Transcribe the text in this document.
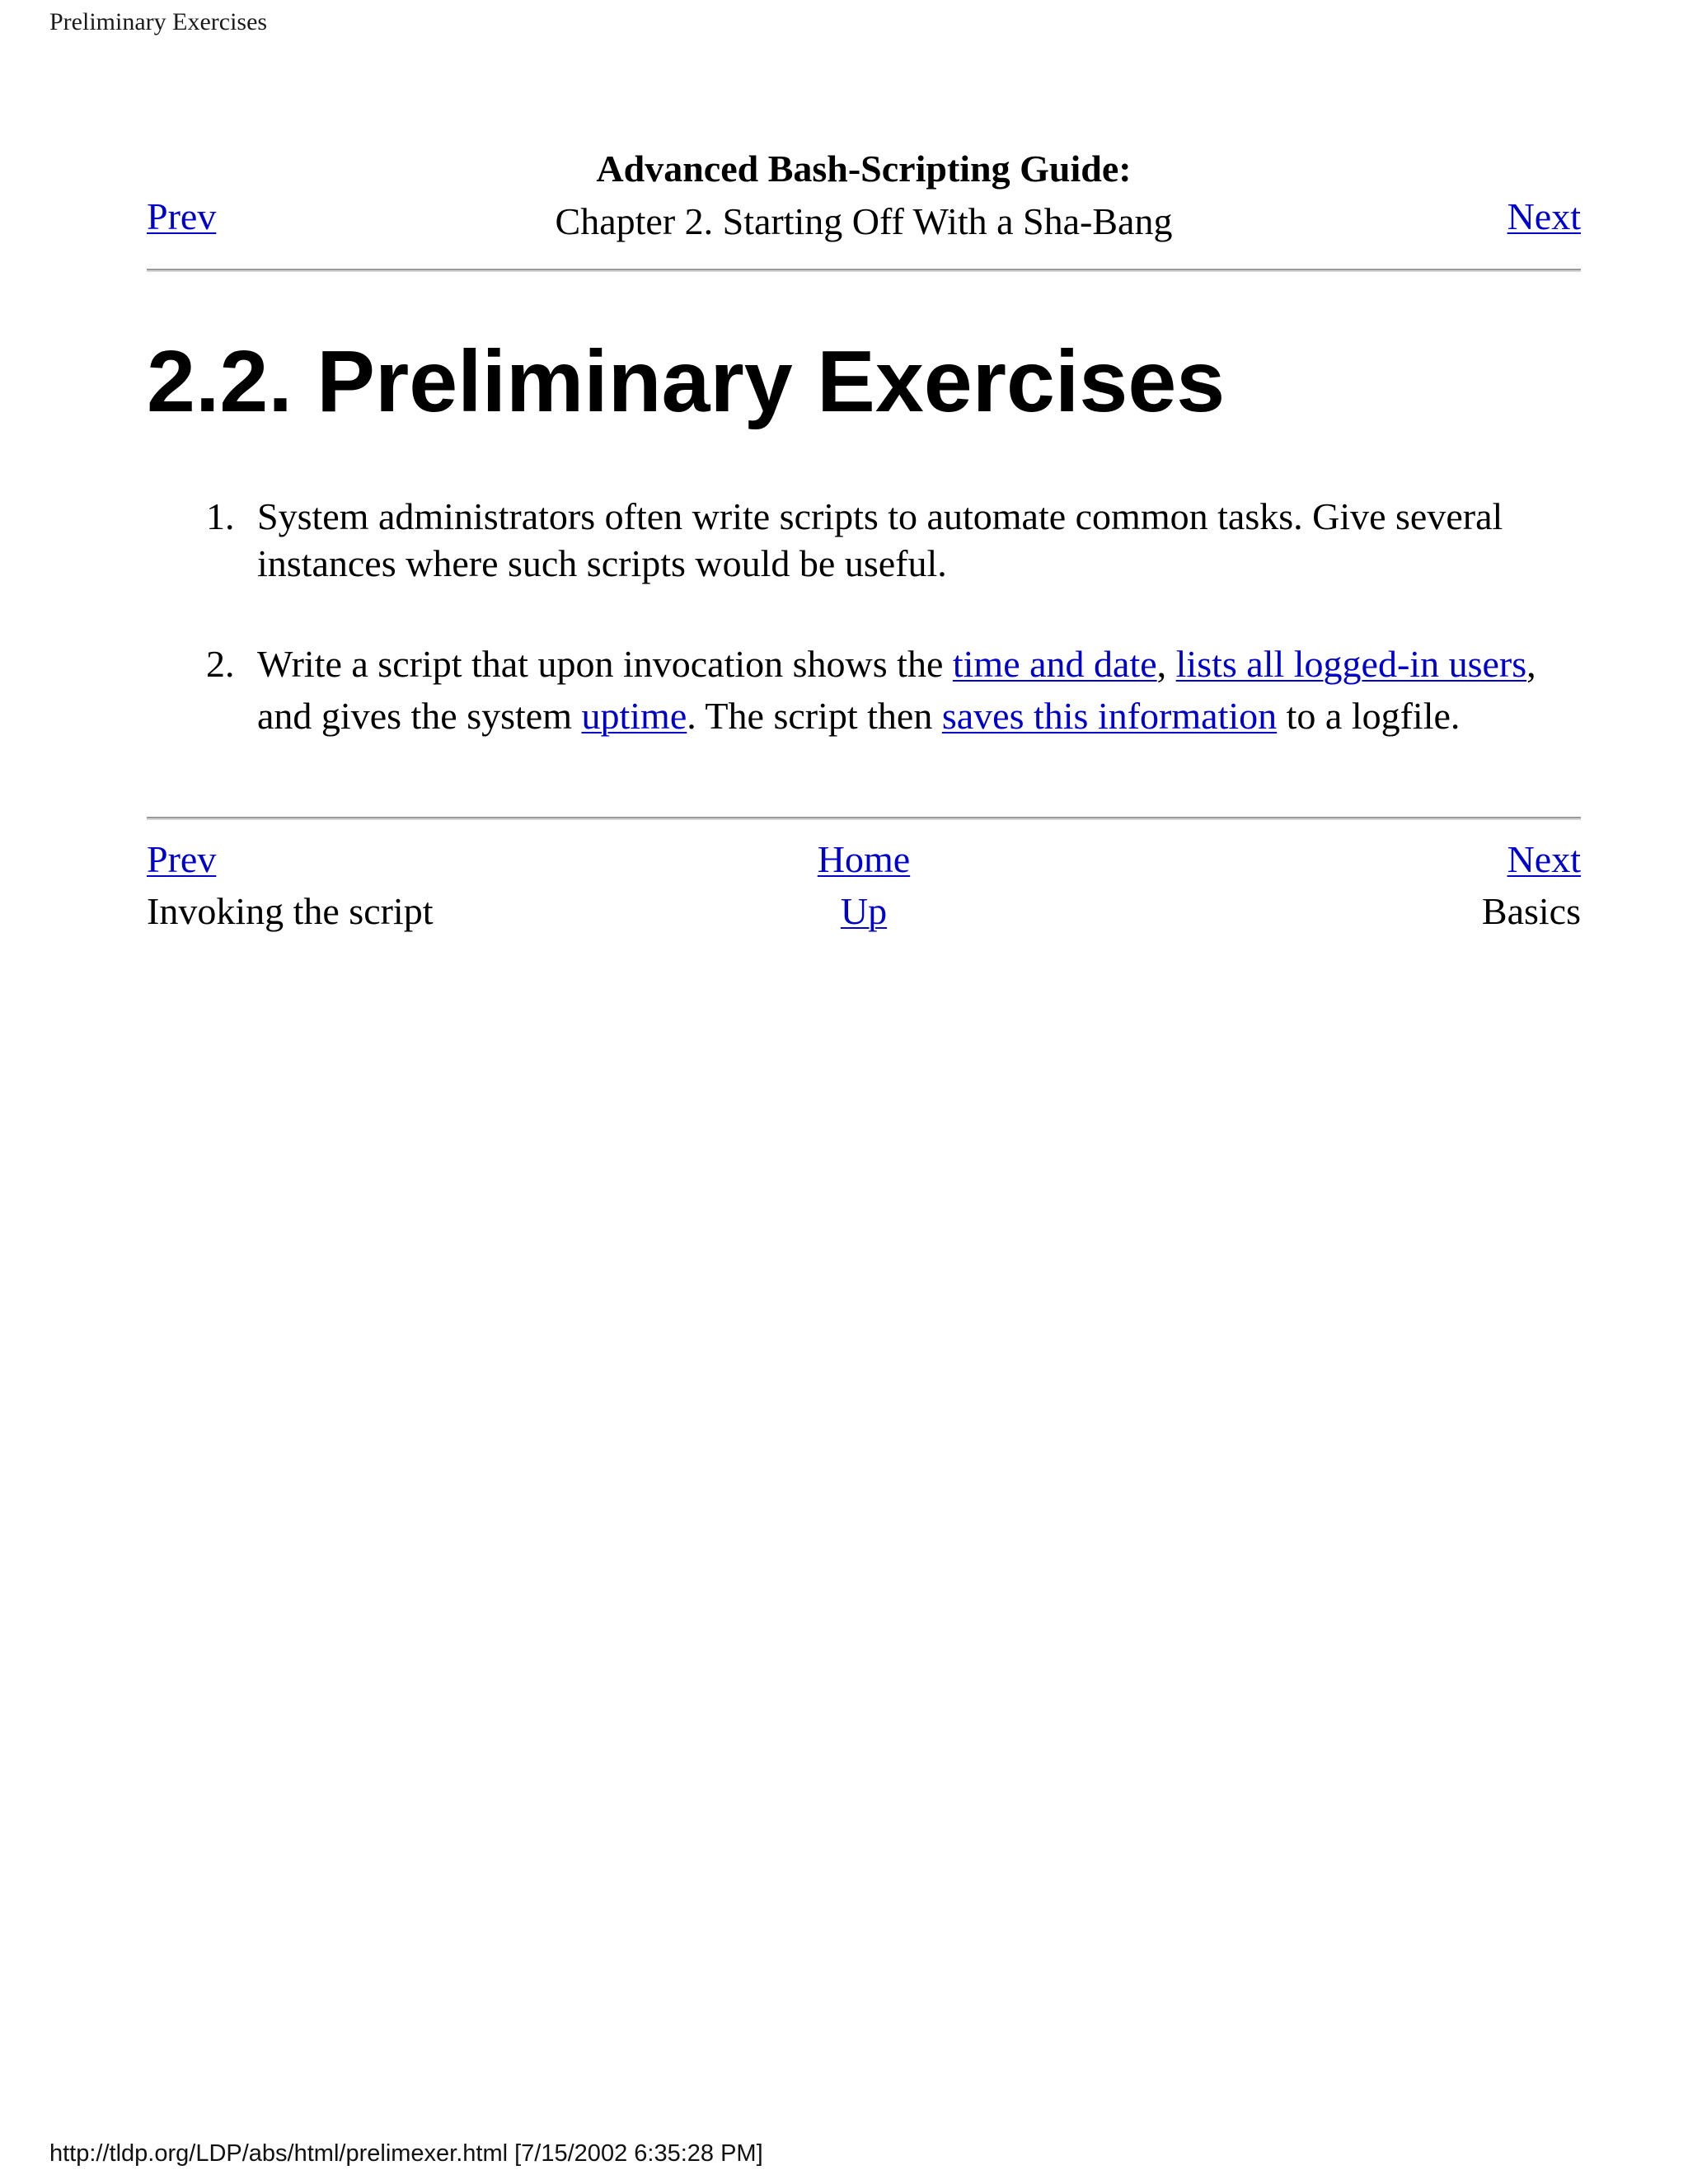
Preliminary Exercises
Advanced Bash-Scripting Guide:
Chapter 2. Starting Off With a Sha-Bang
Prev	Next
2.2. Preliminary Exercises
1. System administrators often write scripts to automate common tasks. Give several instances where such scripts would be useful.
2. Write a script that upon invocation shows the time and date, lists all logged-in users, and gives the system uptime. The script then saves this information to a logfile.
Prev
Invoking the script
Home
Up
Next
Basics
http://tldp.org/LDP/abs/html/prelimexer.html [7/15/2002 6:35:28 PM]
